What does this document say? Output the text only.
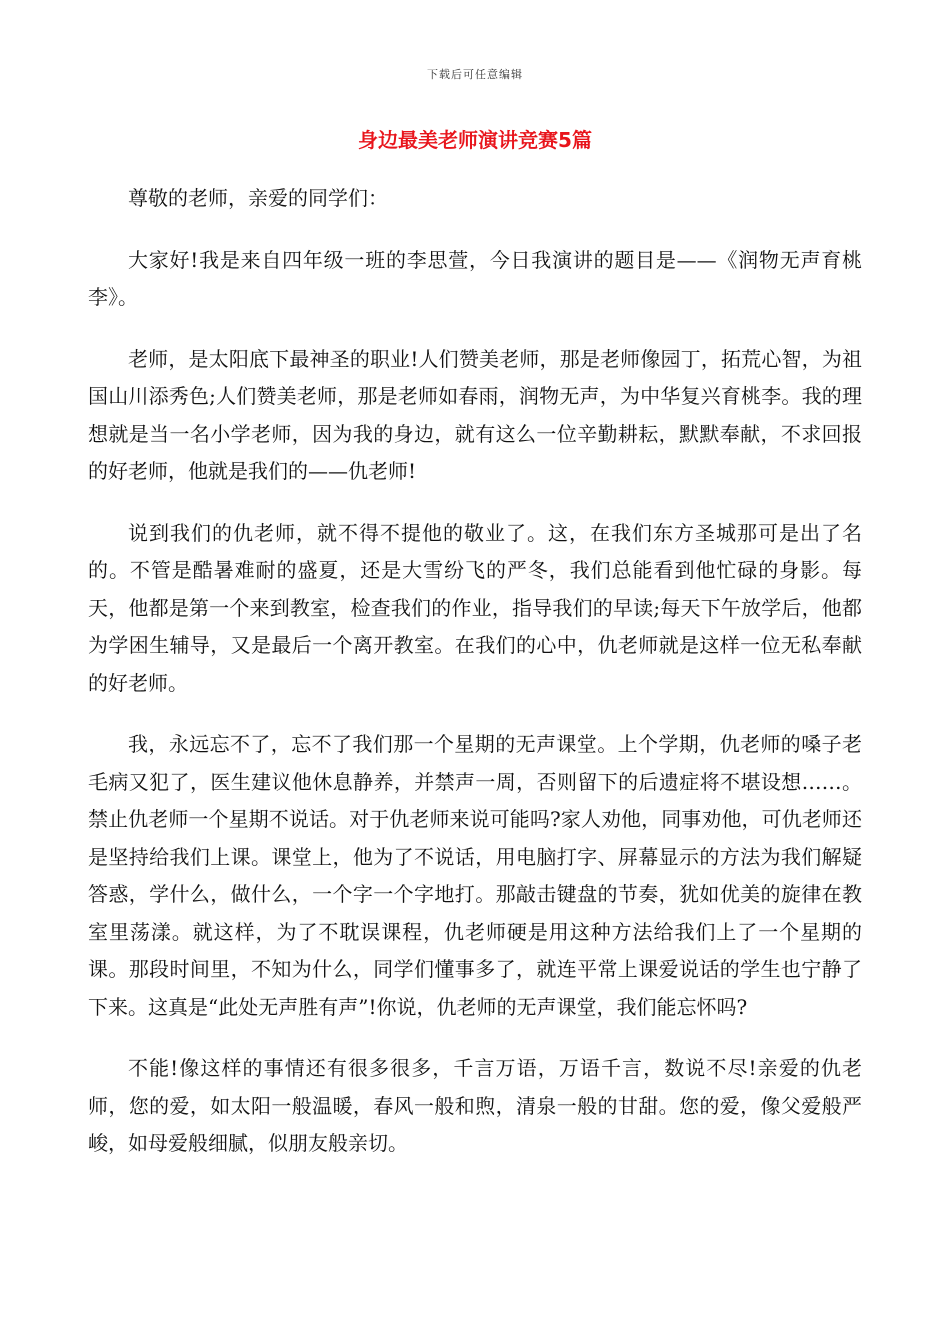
下载后可任意编辑
身边最美老师演讲竞赛5篇

尊敬的老师，亲爱的同学们：

大家好!我是来自四年级一班的李思萱，今日我演讲的题目是——《润物无声育桃李》。

老师，是太阳底下最神圣的职业!人们赞美老师，那是老师像园丁，拓荒心智，为祖国山川添秀色;人们赞美老师，那是老师如春雨，润物无声，为中华复兴育桃李。我的理想就是当一名小学老师，因为我的身边，就有这么一位辛勤耕耘，默默奉献，不求回报的好老师，他就是我们的——仇老师!

说到我们的仇老师，就不得不提他的敬业了。这，在我们东方圣城那可是出了名的。不管是酷暑难耐的盛夏，还是大雪纷飞的严冬，我们总能看到他忙碌的身影。每天，他都是第一个来到教室，检查我们的作业，指导我们的早读;每天下午放学后，他都为学困生辅导，又是最后一个离开教室。在我们的心中，仇老师就是这样一位无私奉献的好老师。

我，永远忘不了，忘不了我们那一个星期的无声课堂。上个学期，仇老师的嗓子老毛病又犯了，医生建议他休息静养，并禁声一周，否则留下的后遗症将不堪设想……。禁止仇老师一个星期不说话。对于仇老师来说可能吗?家人劝他，同事劝他，可仇老师还是坚持给我们上课。课堂上，他为了不说话，用电脑打字、屏幕显示的方法为我们解疑答惑，学什么，做什么，一个字一个字地打。那敲击键盘的节奏，犹如优美的旋律在教室里荡漾。就这样，为了不耽误课程，仇老师硬是用这种方法给我们上了一个星期的课。那段时间里，不知为什么，同学们懂事多了，就连平常上课爱说话的学生也宁静了下来。这真是“此处无声胜有声”!你说，仇老师的无声课堂，我们能忘怀吗?

不能!像这样的事情还有很多很多，千言万语，万语千言，数说不尽!亲爱的仇老师，您的爱，如太阳一般温暖，春风一般和煦，清泉一般的甘甜。您的爱，像父爱般严峻，如母爱般细腻，似朋友般亲切。
